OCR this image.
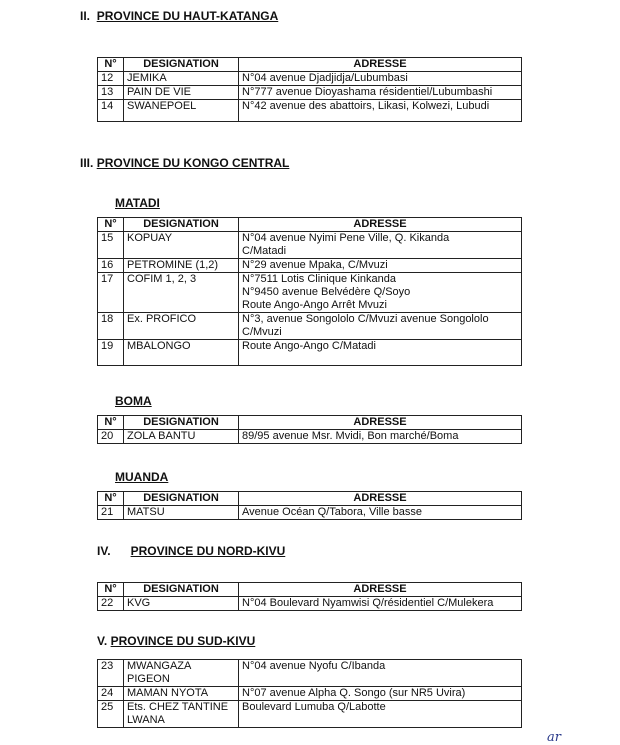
II. PROVINCE DU HAUT-KATANGA
N°	DESIGNATION	ADRESSE
12	JEMIKA	N°04 avenue Djadjidja/Lubumbasi
13	PAIN DE VIE	N°777 avenue Dioyashama résidentiel/Lubumbashi
14	SWANEPOEL	N°42 avenue des abattoirs, Likasi, Kolwezi, Lubudi
III. PROVINCE DU KONGO CENTRAL
MATADI
N°	DESIGNATION	ADRESSE
15	KOPUAY	N°04 avenue Nyimi Pene Ville, Q. Kikanda
C/Matadi
16	PETROMINE (1,2)	N°29 avenue Mpaka, C/Mvuzi
17	COFIM 1, 2, 3	N°7511 Lotis Clinique Kinkanda
N°9450 avenue Belvédère Q/Soyo
Route Ango-Ango Arrêt Mvuzi
18	Ex. PROFICO	N°3, avenue Songololo C/Mvuzi avenue Songololo
C/Mvuzi
19	MBALONGO	Route Ango-Ango C/Matadi
BOMA
N°	DESIGNATION	ADRESSE
20	ZOLA BANTU	89/95 avenue Msr. Mvidi, Bon marché/Boma
MUANDA
N°	DESIGNATION	ADRESSE
21	MATSU	Avenue Océan Q/Tabora, Ville basse
IV. PROVINCE DU NORD-KIVU
N°	DESIGNATION	ADRESSE
22	KVG	N°04 Boulevard Nyamwisi Q/résidentiel C/Mulekera
V. PROVINCE DU SUD-KIVU
23	MWANGAZA
PIGEON	N°04 avenue Nyofu C/Ibanda
24	MAMAN NYOTA	N°07 avenue Alpha Q. Songo (sur NR5 Uvira)
25	Ets. CHEZ TANTINE
LWANA	Boulevard Lumuba Q/Labotte
ar
